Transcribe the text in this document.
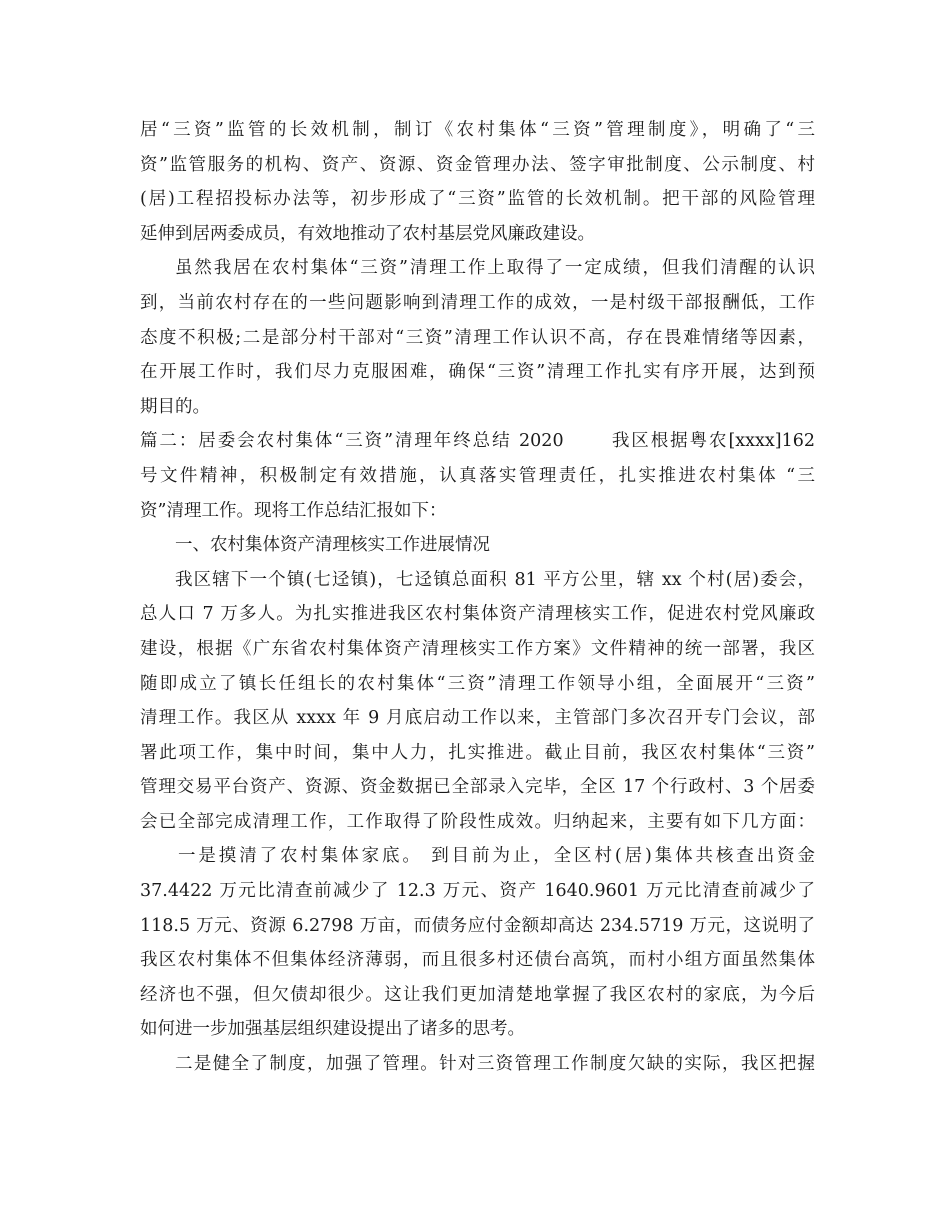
居“三资”监管的长效机制，制订《农村集体“三资”管理制度》，明确了“三
资”监管服务的机构、资产、资源、资金管理办法、签字审批制度、公示制度、村
(居)工程招投标办法等，初步形成了“三资”监管的长效机制。把干部的风险管理
延伸到居两委成员，有效地推动了农村基层党风廉政建设。
虽然我居在农村集体“三资”清理工作上取得了一定成绩，但我们清醒的认识
到，当前农村存在的一些问题影响到清理工作的成效，一是村级干部报酬低，工作
态度不积极;二是部分村干部对“三资”清理工作认识不高，存在畏难情绪等因素，
在开展工作时，我们尽力克服困难，确保“三资”清理工作扎实有序开展，达到预
期目的。
篇二：居委会农村集体“三资”清理年终总结 2020　　 我区根据粤农[xxxx]162
号文件精神，积极制定有效措施，认真落实管理责任，扎实推进农村集体 “三
资”清理工作。现将工作总结汇报如下：
一、农村集体资产清理核实工作进展情况
我区辖下一个镇(七迳镇)，七迳镇总面积 81 平方公里，辖 xx 个村(居)委会，
总人口 7 万多人。为扎实推进我区农村集体资产清理核实工作，促进农村党风廉政
建设，根据《广东省农村集体资产清理核实工作方案》文件精神的统一部署，我区
随即成立了镇长任组长的农村集体“三资”清理工作领导小组，全面展开“三资”
清理工作。我区从 xxxx 年 9 月底启动工作以来，主管部门多次召开专门会议，部
署此项工作，集中时间，集中人力，扎实推进。截止目前，我区农村集体“三资”
管理交易平台资产、资源、资金数据已全部录入完毕，全区 17 个行政村、3 个居委
会已全部完成清理工作，工作取得了阶段性成效。归纳起来，主要有如下几方面：
一是摸清了农村集体家底。 到目前为止，全区村(居)集体共核查出资金
37.4422 万元比清查前减少了 12.3 万元、资产 1640.9601 万元比清查前减少了
118.5 万元、资源 6.2798 万亩，而债务应付金额却高达 234.5719 万元，这说明了
我区农村集体不但集体经济薄弱，而且很多村还债台高筑，而村小组方面虽然集体
经济也不强，但欠债却很少。这让我们更加清楚地掌握了我区农村的家底，为今后
如何进一步加强基层组织建设提出了诸多的思考。
二是健全了制度，加强了管理。针对三资管理工作制度欠缺的实际，我区把握
